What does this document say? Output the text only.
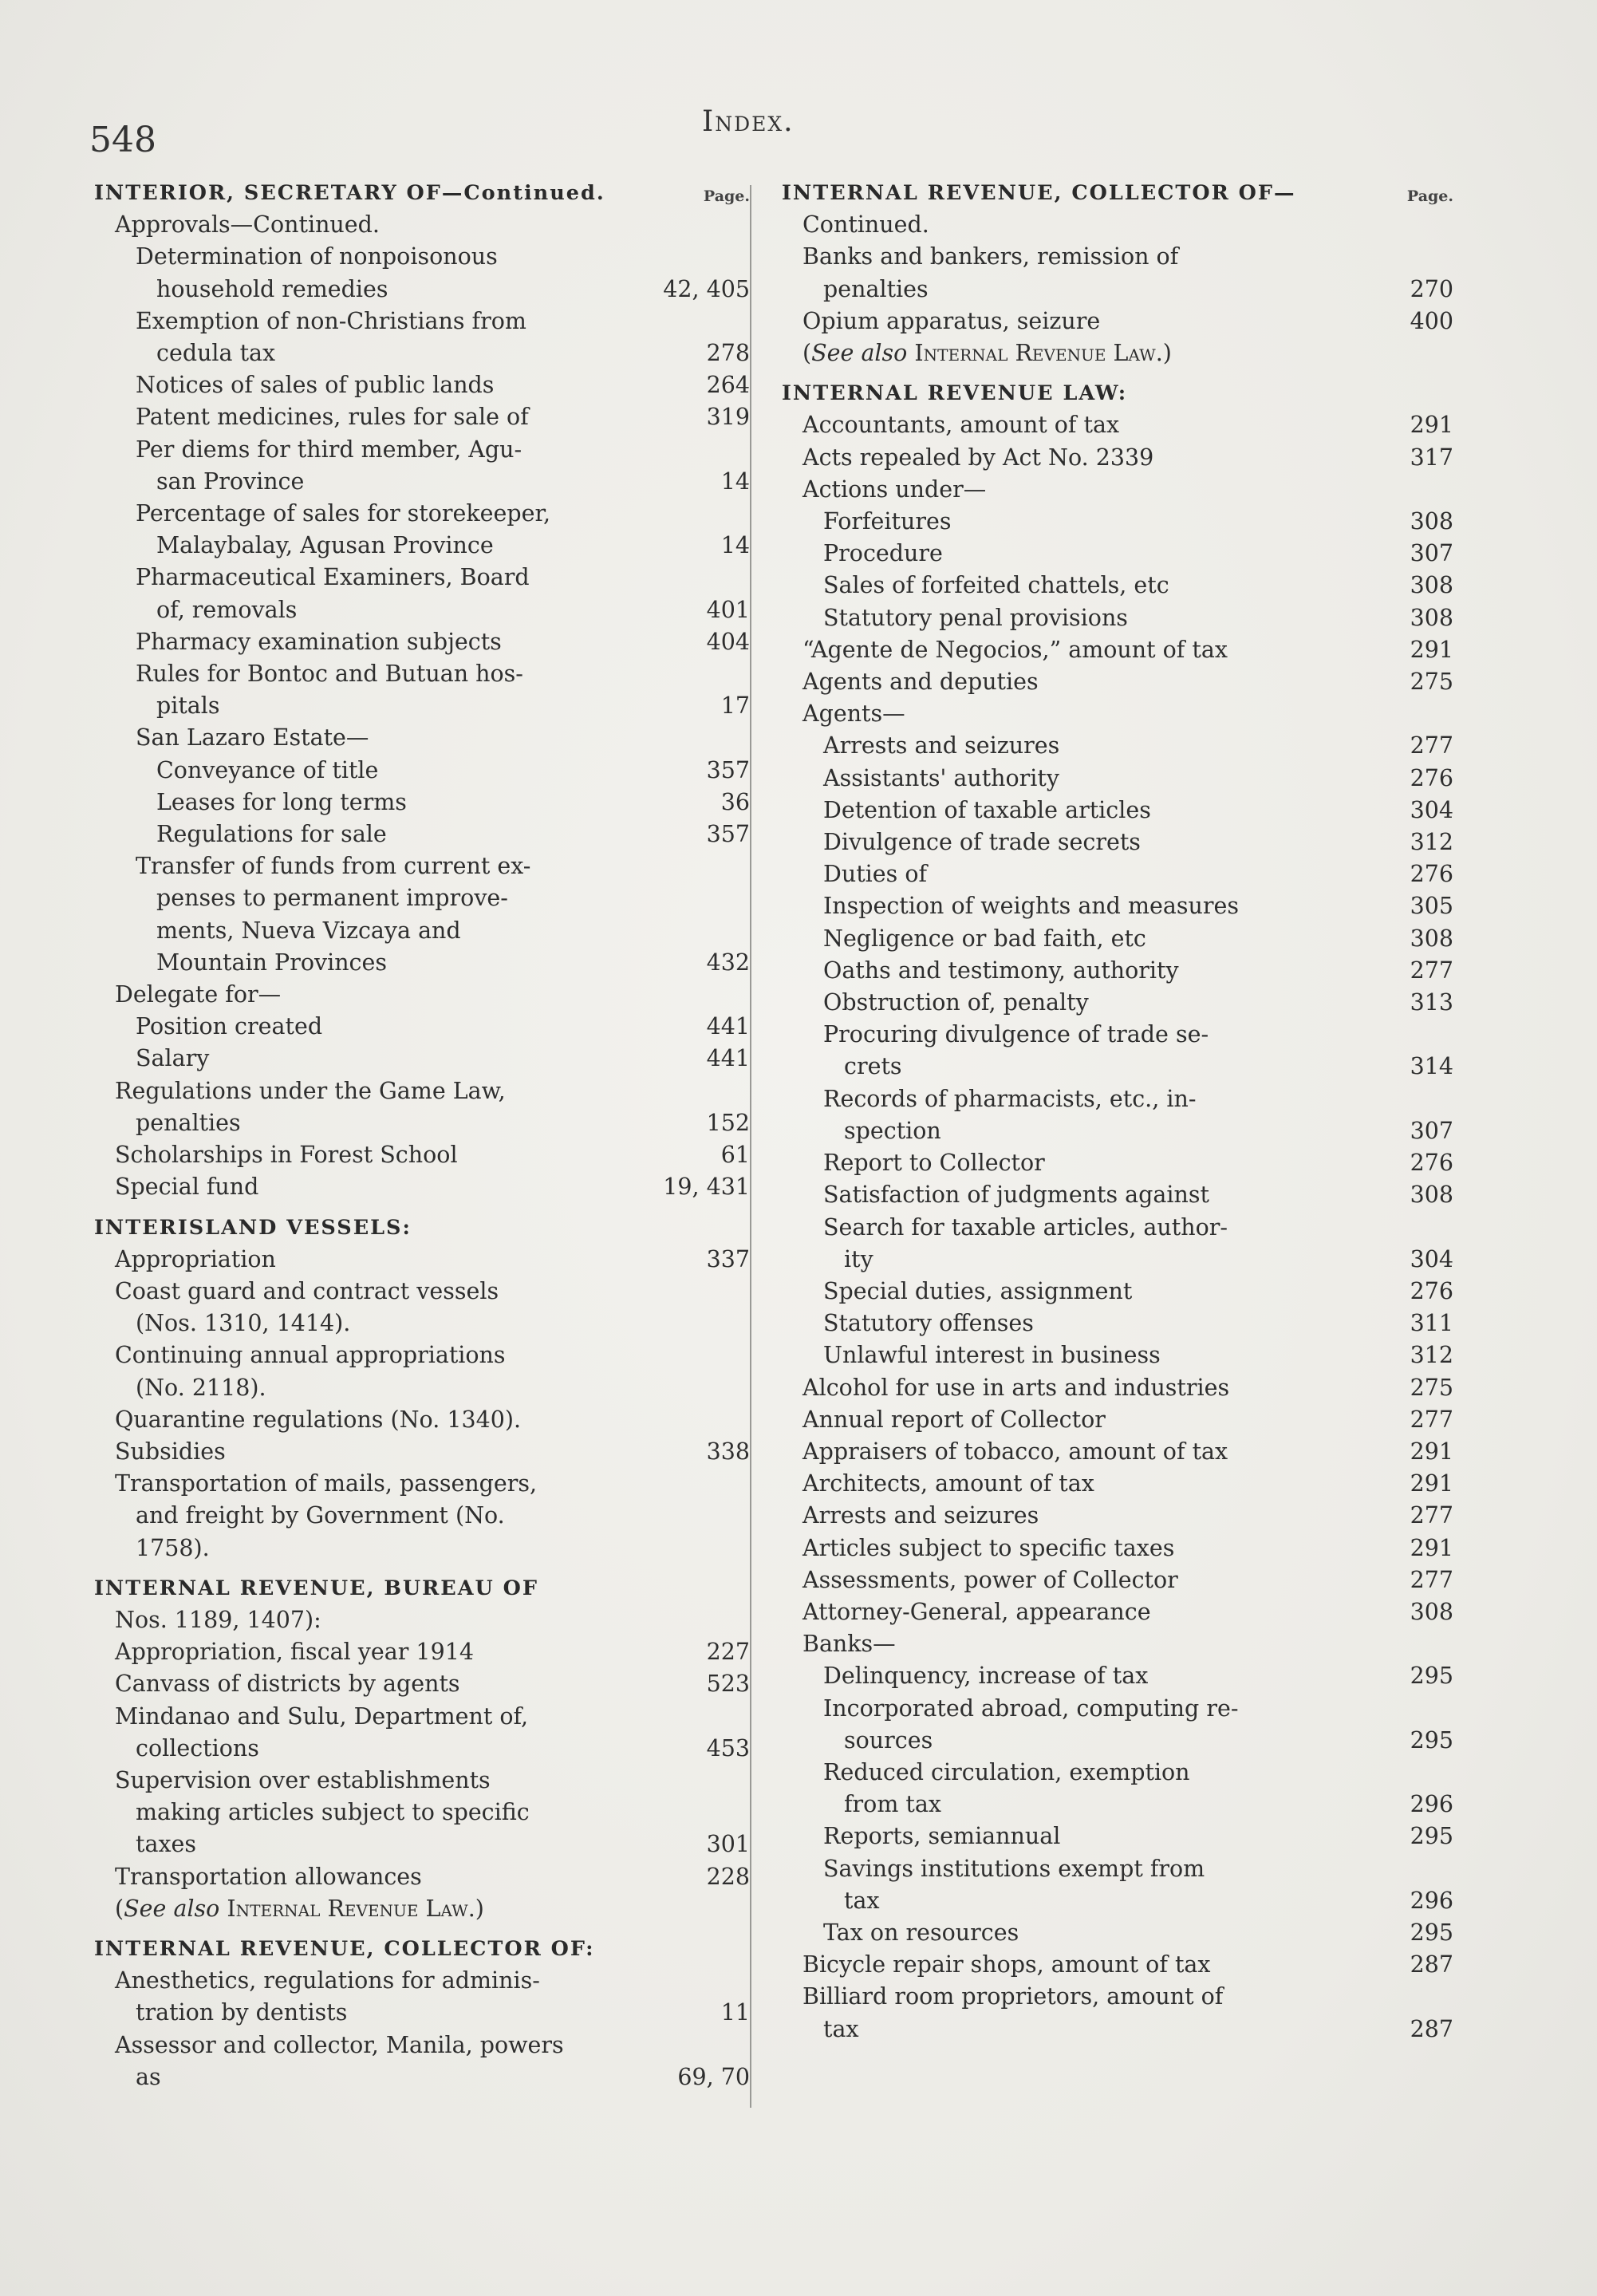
548	Index.
INTERIOR, SECRETARY OF—Continued.	Page.
Approvals—Continued.
Determination of nonpoisonous
household remedies	42, 405
Exemption of non-Christians from
cedula tax	278
Notices of sales of public lands	264
Patent medicines, rules for sale of	319
Per diems for third member, Agu-
san Province	14
Percentage of sales for storekeeper,
Malaybalay, Agusan Province	14
Pharmaceutical Examiners, Board
of, removals	401
Pharmacy examination subjects	404
Rules for Bontoc and Butuan hos-
pitals	17
San Lazaro Estate—
Conveyance of title	357
Leases for long terms	36
Regulations for sale	357
Transfer of funds from current ex-
penses to permanent improve-
ments, Nueva Vizcaya and
Mountain Provinces	432
Delegate for—
Position created	441
Salary	441
Regulations under the Game Law,
penalties	152
Scholarships in Forest School	61
Special fund	19, 431
INTERISLAND VESSELS:
Appropriation	337
Coast guard and contract vessels
(Nos. 1310, 1414).
Continuing annual appropriations
(No. 2118).
Quarantine regulations (No. 1340).
Subsidies	338
Transportation of mails, passengers,
and freight by Government (No.
1758).
INTERNAL REVENUE, BUREAU OF
Nos. 1189, 1407):
Appropriation, fiscal year 1914	227
Canvass of districts by agents	523
Mindanao and Sulu, Department of,
collections	453
Supervision over establishments
making articles subject to specific
taxes	301
Transportation allowances	228
(See also Internal Revenue Law.)
INTERNAL REVENUE, COLLECTOR OF:
Anesthetics, regulations for adminis-
tration by dentists	11
Assessor and collector, Manila, powers
as	69, 70
INTERNAL REVENUE, COLLECTOR OF—	Page.
Continued.
Banks and bankers, remission of
penalties	270
Opium apparatus, seizure	400
(See also Internal Revenue Law.)
INTERNAL REVENUE LAW:
Accountants, amount of tax	291
Acts repealed by Act No. 2339	317
Actions under—
Forfeitures	308
Procedure	307
Sales of forfeited chattels, etc	308
Statutory penal provisions	308
“Agente de Negocios,” amount of tax	291
Agents and deputies	275
Agents—
Arrests and seizures	277
Assistants' authority	276
Detention of taxable articles	304
Divulgence of trade secrets	312
Duties of	276
Inspection of weights and measures	305
Negligence or bad faith, etc	308
Oaths and testimony, authority	277
Obstruction of, penalty	313
Procuring divulgence of trade se-
crets	314
Records of pharmacists, etc., in-
spection	307
Report to Collector	276
Satisfaction of judgments against	308
Search for taxable articles, author-
ity	304
Special duties, assignment	276
Statutory offenses	311
Unlawful interest in business	312
Alcohol for use in arts and industries	275
Annual report of Collector	277
Appraisers of tobacco, amount of tax	291
Architects, amount of tax	291
Arrests and seizures	277
Articles subject to specific taxes	291
Assessments, power of Collector	277
Attorney-General, appearance	308
Banks—
Delinquency, increase of tax	295
Incorporated abroad, computing re-
sources	295
Reduced circulation, exemption
from tax	296
Reports, semiannual	295
Savings institutions exempt from
tax	296
Tax on resources	295
Bicycle repair shops, amount of tax	287
Billiard room proprietors, amount of
tax	287
